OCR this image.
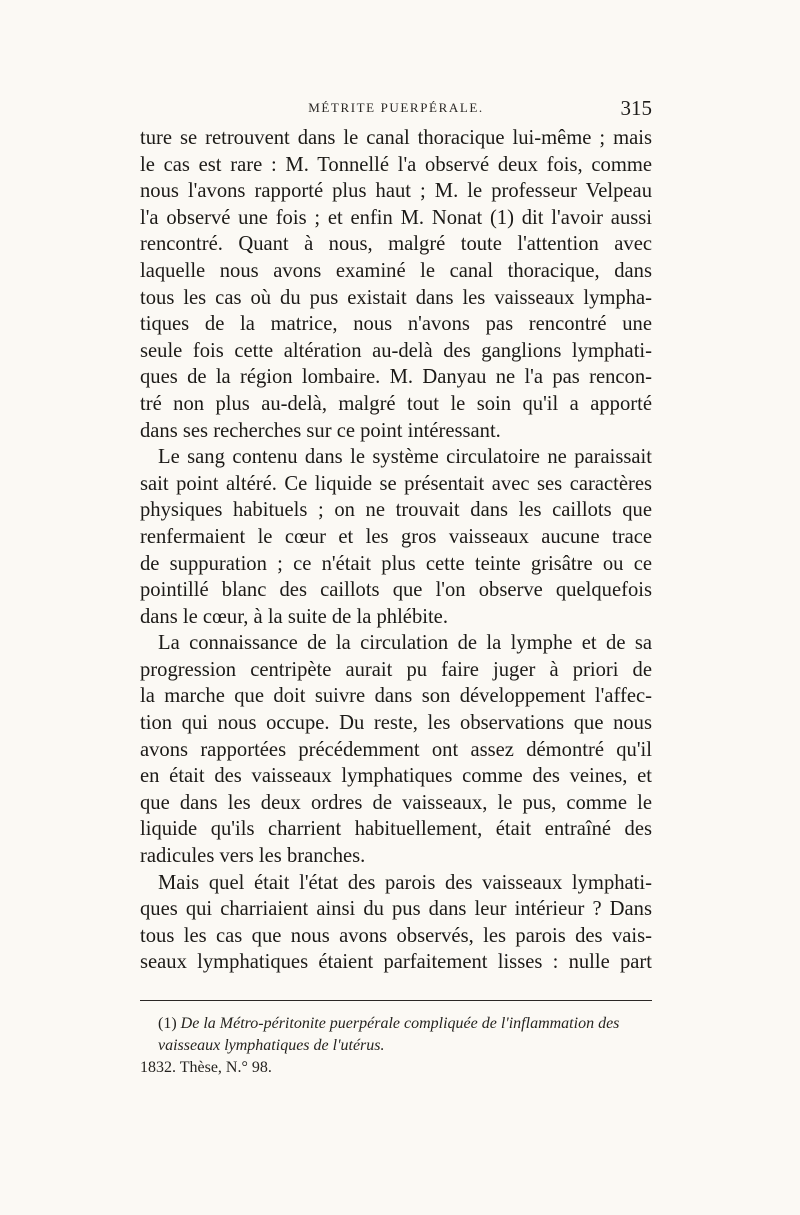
MÉTRITE PUERPÉRALE.	315
ture se retrouvent dans le canal thoracique lui-même ; mais
le cas est rare : M. Tonnellé l'a observé deux fois, comme
nous l'avons rapporté plus haut ; M. le professeur Velpeau
l'a observé une fois ; et enfin M. Nonat (1) dit l'avoir aussi
rencontré. Quant à nous, malgré toute l'attention avec
laquelle nous avons examiné le canal thoracique, dans
tous les cas où du pus existait dans les vaisseaux lympha-
tiques de la matrice, nous n'avons pas rencontré une
seule fois cette altération au-delà des ganglions lymphati-
ques de la région lombaire. M. Danyau ne l'a pas rencon-
tré non plus au-delà, malgré tout le soin qu'il a apporté
dans ses recherches sur ce point intéressant.
Le sang contenu dans le système circulatoire ne paraissait
sait point altéré. Ce liquide se présentait avec ses caractères
physiques habituels ; on ne trouvait dans les caillots que
renfermaient le cœur et les gros vaisseaux aucune trace
de suppuration ; ce n'était plus cette teinte grisâtre ou ce
pointillé blanc des caillots que l'on observe quelquefois
dans le cœur, à la suite de la phlébite.
La connaissance de la circulation de la lymphe et de sa
progression centripète aurait pu faire juger à priori de
la marche que doit suivre dans son développement l'affec-
tion qui nous occupe. Du reste, les observations que nous
avons rapportées précédemment ont assez démontré qu'il
en était des vaisseaux lymphatiques comme des veines, et
que dans les deux ordres de vaisseaux, le pus, comme le
liquide qu'ils charrient habituellement, était entraîné des
radicules vers les branches.
Mais quel était l'état des parois des vaisseaux lymphati-
ques qui charriaient ainsi du pus dans leur intérieur ? Dans
tous les cas que nous avons observés, les parois des vais-
seaux lymphatiques étaient parfaitement lisses : nulle part
(1) De la Métro-péritonite puerpérale compliquée de l'inflammation des vaisseaux lymphatiques de l'utérus.
1832. Thèse, N.° 98.
